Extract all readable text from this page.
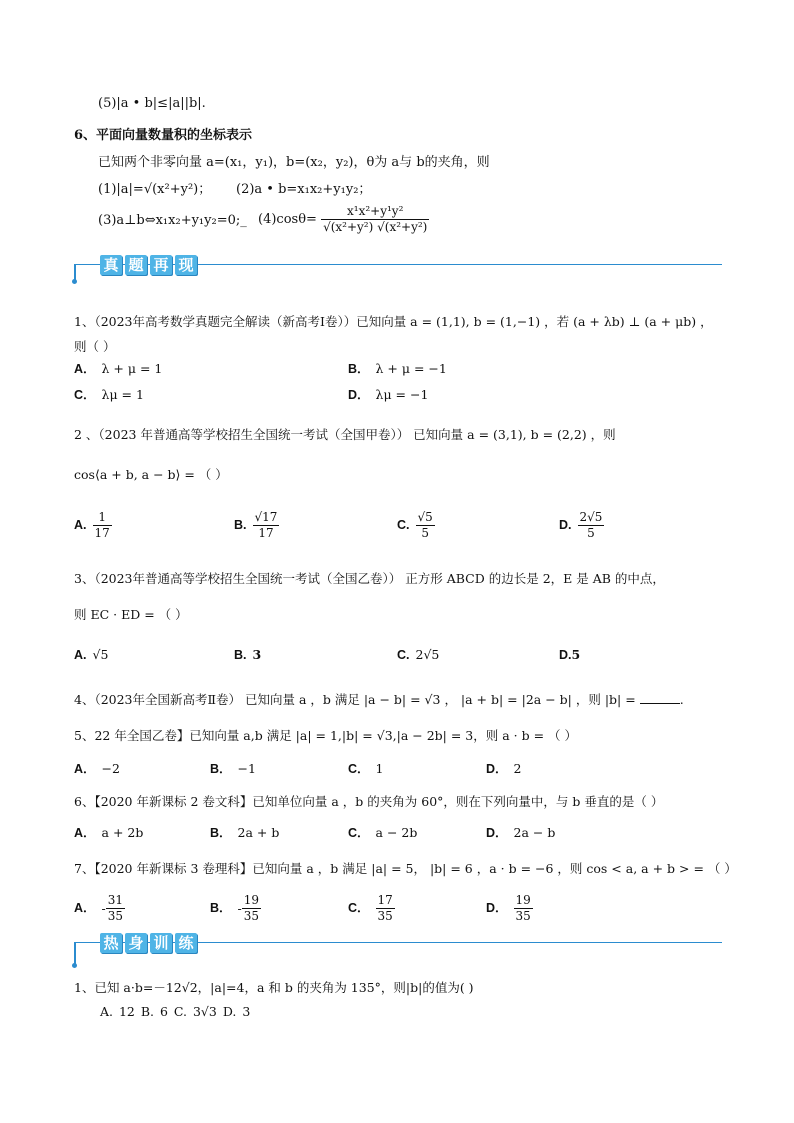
(5)|a • b|≤|a||b|.
6、平面向量数量积的坐标表示
已知两个非零向量 a=(x₁，y₁)，b=(x₂，y₂)，θ为 a与 b的夹角，则
(1)|a|=√(x²+y²)； (2)a • b=x₁x₂+y₁y₂；
(3)a⊥b⇔x₁x₂+y₁y₂=0;_ $(4)\cos\theta= \frac{\text{x¹x²+y¹y²}}{\text{√(x²+y²) √(x²+y²)}}$
真 题 再 现
1、（2023年高考数学真题完全解读（新高考Ⅰ卷））已知向量 a = (1,1), b = (1,−1) ，若 (a + λb) ⊥ (a + μb) ，
则（ ）
A． λ + μ = 1	B． λ + μ = −1
C． λμ = 1	D． λμ = −1
2 、（2023 年普通高等学校招生全国统一考试（全国甲卷）） 已知向量 a = (3,1), b = (2,2) ，则
cos⟨a + b, a − b⟩ = （ ）
A. $\frac{1}{17}$	B. $\frac{√17}{17}$	C. $\frac{√5}{5}$	D. $\frac{2√5}{5}$
3、（2023年普通高等学校招生全国统一考试（全国乙卷）） 正方形 ABCD 的边长是 2，E 是 AB 的中点，
则 EC · ED = （ ）
A. √5	B. 3	C. 2√5	D.5
4、（2023年全国新高考Ⅱ卷） 已知向量 a ，b 满足 |a − b| = √3 ， |a + b| = |2a − b| ，则 |b| =	.
5、22 年全国乙卷】已知向量 a,b 满足 |a| = 1,|b| = √3,|a − 2b| = 3，则 a · b = （ ）
A． −2	B． −1	C． 1	D． 2
6、【2020 年新课标 2 卷文科】已知单位向量 a ，b 的夹角为 60°，则在下列向量中，与 b 垂直的是（ ）
A． a + 2b	B． 2a + b	C． a − 2b	D． 2a − b
7、【2020 年新课标 3 卷理科】已知向量 a ，b 满足 |a| = 5， |b| = 6 ，a · b = −6 ，则 cos < a, a + b > = （ ）
A． - $\frac{31}{35}$	B． - $\frac{19}{35}$	C． $\frac{17}{35}$	D． $\frac{19}{35}$
热 身 训 练
1、已知 a·b=－12√2，|a|=4，a 和 b 的夹角为 135°，则|b|的值为( )
A. 12 B. 6 C. 3√3 D. 3
